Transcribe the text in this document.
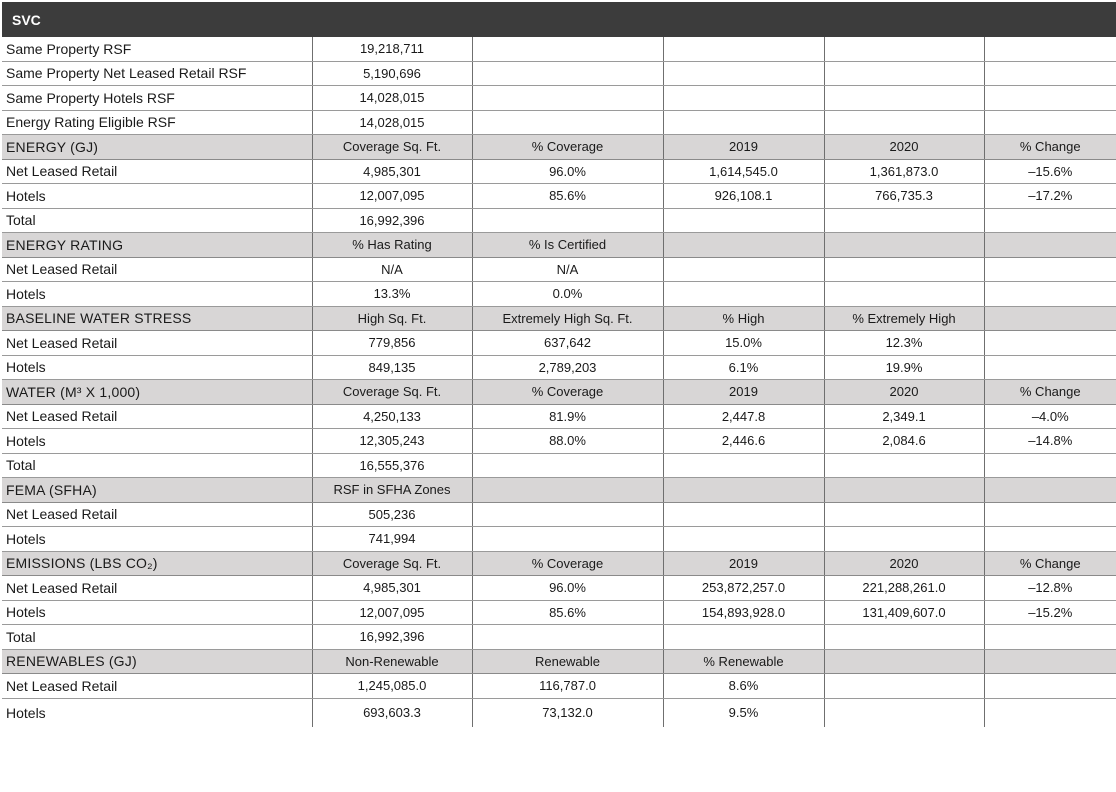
SVC
Same Property RSF	19,218,711				
Same Property Net Leased Retail RSF	5,190,696				
Same Property Hotels RSF	14,028,015				
Energy Rating Eligible RSF	14,028,015				
ENERGY (GJ)	Coverage Sq. Ft.	% Coverage	2019	2020	% Change
Net Leased Retail	4,985,301	96.0%	1,614,545.0	1,361,873.0	–15.6%
Hotels	12,007,095	85.6%	926,108.1	766,735.3	–17.2%
Total	16,992,396				
ENERGY RATING	% Has Rating	% Is Certified			
Net Leased Retail	N/A	N/A			
Hotels	13.3%	0.0%			
BASELINE WATER STRESS	High Sq. Ft.	Extremely High Sq. Ft.	% High	% Extremely High	
Net Leased Retail	779,856	637,642	15.0%	12.3%	
Hotels	849,135	2,789,203	6.1%	19.9%	
WATER (M³ X 1,000)	Coverage Sq. Ft.	% Coverage	2019	2020	% Change
Net Leased Retail	4,250,133	81.9%	2,447.8	2,349.1	–4.0%
Hotels	12,305,243	88.0%	2,446.6	2,084.6	–14.8%
Total	16,555,376				
FEMA (SFHA)	RSF in SFHA Zones				
Net Leased Retail	505,236				
Hotels	741,994				
EMISSIONS (LBS CO₂)	Coverage Sq. Ft.	% Coverage	2019	2020	% Change
Net Leased Retail	4,985,301	96.0%	253,872,257.0	221,288,261.0	–12.8%
Hotels	12,007,095	85.6%	154,893,928.0	131,409,607.0	–15.2%
Total	16,992,396				
RENEWABLES (GJ)	Non-Renewable	Renewable	% Renewable		
Net Leased Retail	1,245,085.0	116,787.0	8.6%		
Hotels	693,603.3	73,132.0	9.5%		
